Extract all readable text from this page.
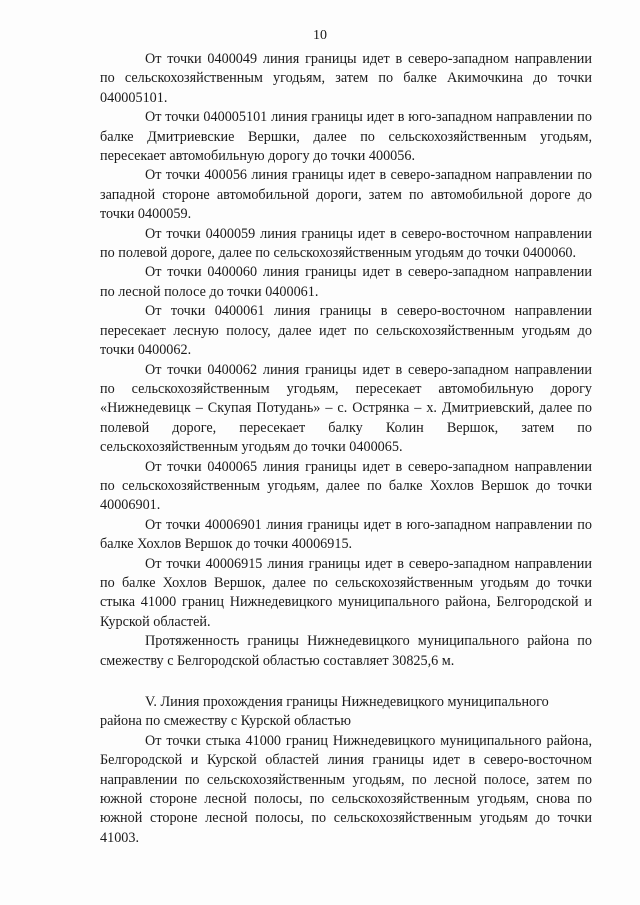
10

От точки 0400049 линия границы идет в северо-западном направлении по сельскохозяйственным угодьям, затем по балке Акимочкина до точки 040005101.

От точки 040005101 линия границы идет в юго-западном направлении по балке Дмитриевские Вершки, далее по сельскохозяйственным угодьям, пересекает автомобильную дорогу до точки 400056.

От точки 400056 линия границы идет в северо-западном направлении по западной стороне автомобильной дороги, затем по автомобильной дороге до точки 0400059.

От точки 0400059 линия границы идет в северо-восточном направлении по полевой дороге, далее по сельскохозяйственным угодьям до точки 0400060.

От точки 0400060 линия границы идет в северо-западном направлении по лесной полосе до точки 0400061.

От точки 0400061 линия границы в северо-восточном направлении пересекает лесную полосу, далее идет по сельскохозяйственным угодьям до точки 0400062.

От точки 0400062 линия границы идет в северо-западном направлении по сельскохозяйственным угодьям, пересекает автомобильную дорогу «Нижнедевицк – Скупая Потудань» – с. Острянка – х. Дмитриевский, далее по полевой дороге, пересекает балку Колин Вершок, затем по сельскохозяйственным угодьям до точки 0400065.

От точки 0400065 линия границы идет в северо-западном направлении по сельскохозяйственным угодьям, далее по балке Хохлов Вершок до точки 40006901.

От точки 40006901 линия границы идет в юго-западном направлении по балке Хохлов Вершок до точки 40006915.

От точки 40006915 линия границы идет в северо-западном направлении по балке Хохлов Вершок, далее по сельскохозяйственным угодьям до точки стыка 41000 границ Нижнедевицкого муниципального района, Белгородской и Курской областей.

Протяженность границы Нижнедевицкого муниципального района по смежеству с Белгородской областью составляет 30825,6 м.

V. Линия прохождения границы Нижнедевицкого муниципального района по смежеству с Курской областью

От точки стыка 41000 границ Нижнедевицкого муниципального района, Белгородской и Курской областей линия границы идет в северо-восточном направлении по сельскохозяйственным угодьям, по лесной полосе, затем по южной стороне лесной полосы, по сельскохозяйственным угодьям, снова по южной стороне лесной полосы, по сельскохозяйственным угодьям до точки 41003.
